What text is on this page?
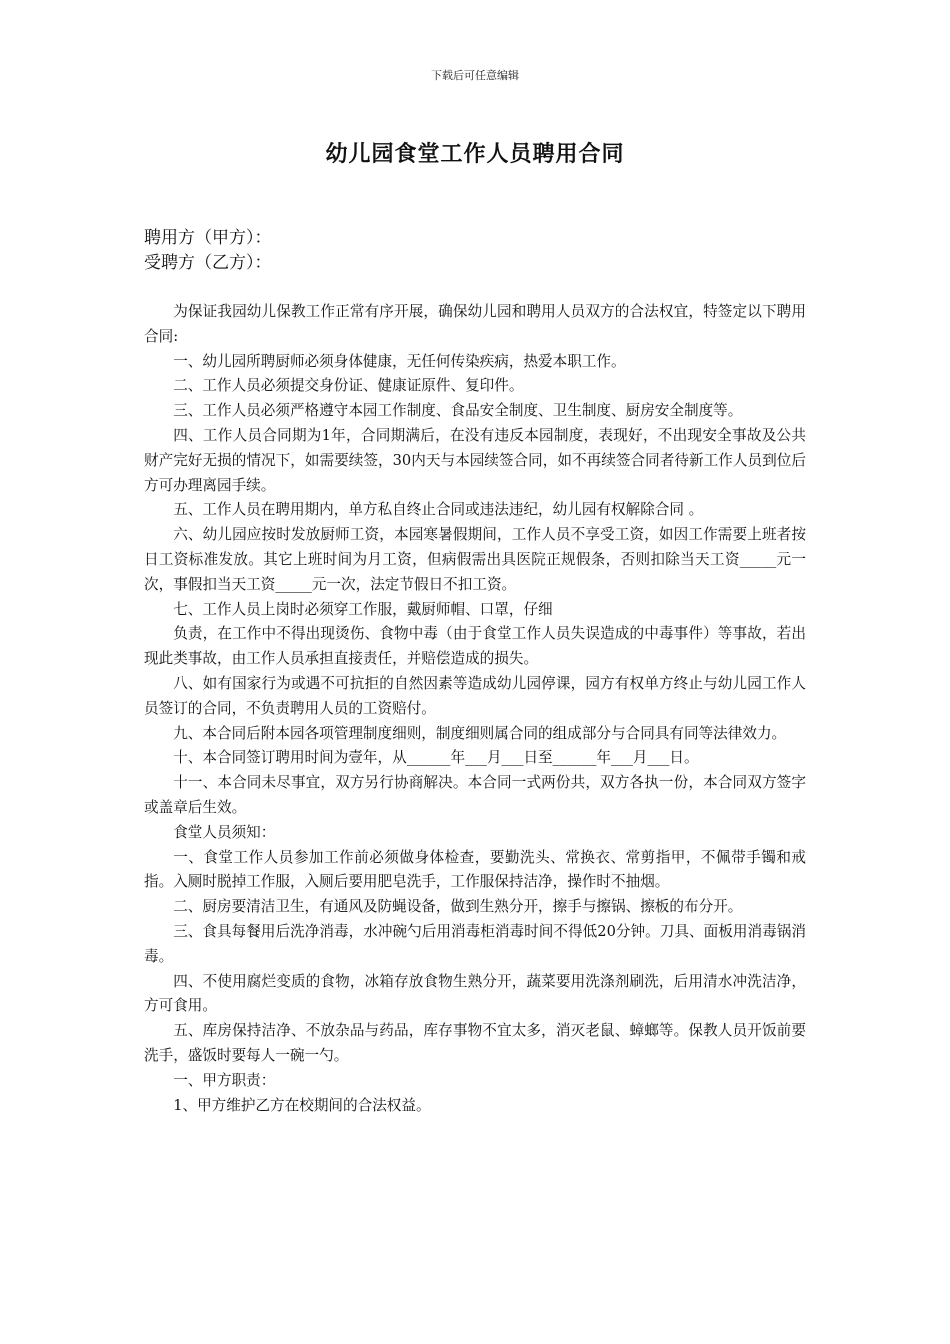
下载后可任意编辑
幼儿园食堂工作人员聘用合同
聘用方（甲方）：
受聘方（乙方）：

为保证我园幼儿保教工作正常有序开展，确保幼儿园和聘用人员双方的合法权宜，特签定以下聘用合同:

一、幼儿园所聘厨师必须身体健康，无任何传染疾病，热爱本职工作。

二、工作人员必须提交身份证、健康证原件、复印件。

三、工作人员必须严格遵守本园工作制度、食品安全制度、卫生制度、厨房安全制度等。

四、工作人员合同期为1年，合同期满后，在没有违反本园制度，表现好，不出现安全事故及公共财产完好无损的情况下，如需要续签，30内天与本园续签合同，如不再续签合同者待新工作人员到位后方可办理离园手续。

五、工作人员在聘用期内，单方私自终止合同或违法违纪，幼儿园有权解除合同 。

六、幼儿园应按时发放厨师工资，本园寒暑假期间，工作人员不享受工资，如因工作需要上班者按日工资标准发放。其它上班时间为月工资，但病假需出具医院正规假条，否则扣除当天工资_____元一次，事假扣当天工资_____元一次，法定节假日不扣工资。

七、工作人员上岗时必须穿工作服，戴厨师帽、口罩，仔细

负责，在工作中不得出现烫伤、食物中毒（由于食堂工作人员失误造成的中毒事件）等事故，若出现此类事故，由工作人员承担直接责任，并赔偿造成的损失。

八、如有国家行为或遇不可抗拒的自然因素等造成幼儿园停课，园方有权单方终止与幼儿园工作人员签订的合同，不负责聘用人员的工资赔付。

九、本合同后附本园各项管理制度细则，制度细则属合同的组成部分与合同具有同等法律效力。

十、本合同签订聘用时间为壹年，从______年___月___日至______年___月___日。

十一、本合同未尽事宜，双方另行协商解决。本合同一式两份共，双方各执一份，本合同双方签字或盖章后生效。

食堂人员须知：

一、食堂工作人员参加工作前必须做身体检查，要勤洗头、常换衣、常剪指甲，不佩带手镯和戒指。入厕时脱掉工作服，入厕后要用肥皂洗手，工作服保持洁净，操作时不抽烟。

二、厨房要清洁卫生，有通风及防蝇设备，做到生熟分开，擦手与擦锅、擦板的布分开。

三、食具每餐用后洗净消毒，水冲碗勺后用消毒柜消毒时间不得低20分钟。刀具、面板用消毒锅消毒。

四、不使用腐烂变质的食物，冰箱存放食物生熟分开，蔬菜要用洗涤剂刷洗，后用清水冲洗洁净，方可食用。

五、库房保持洁净、不放杂品与药品，库存事物不宜太多，消灭老鼠、蟑螂等。保教人员开饭前要洗手，盛饭时要每人一碗一勺。

一、甲方职责：

1、甲方维护乙方在校期间的合法权益。
